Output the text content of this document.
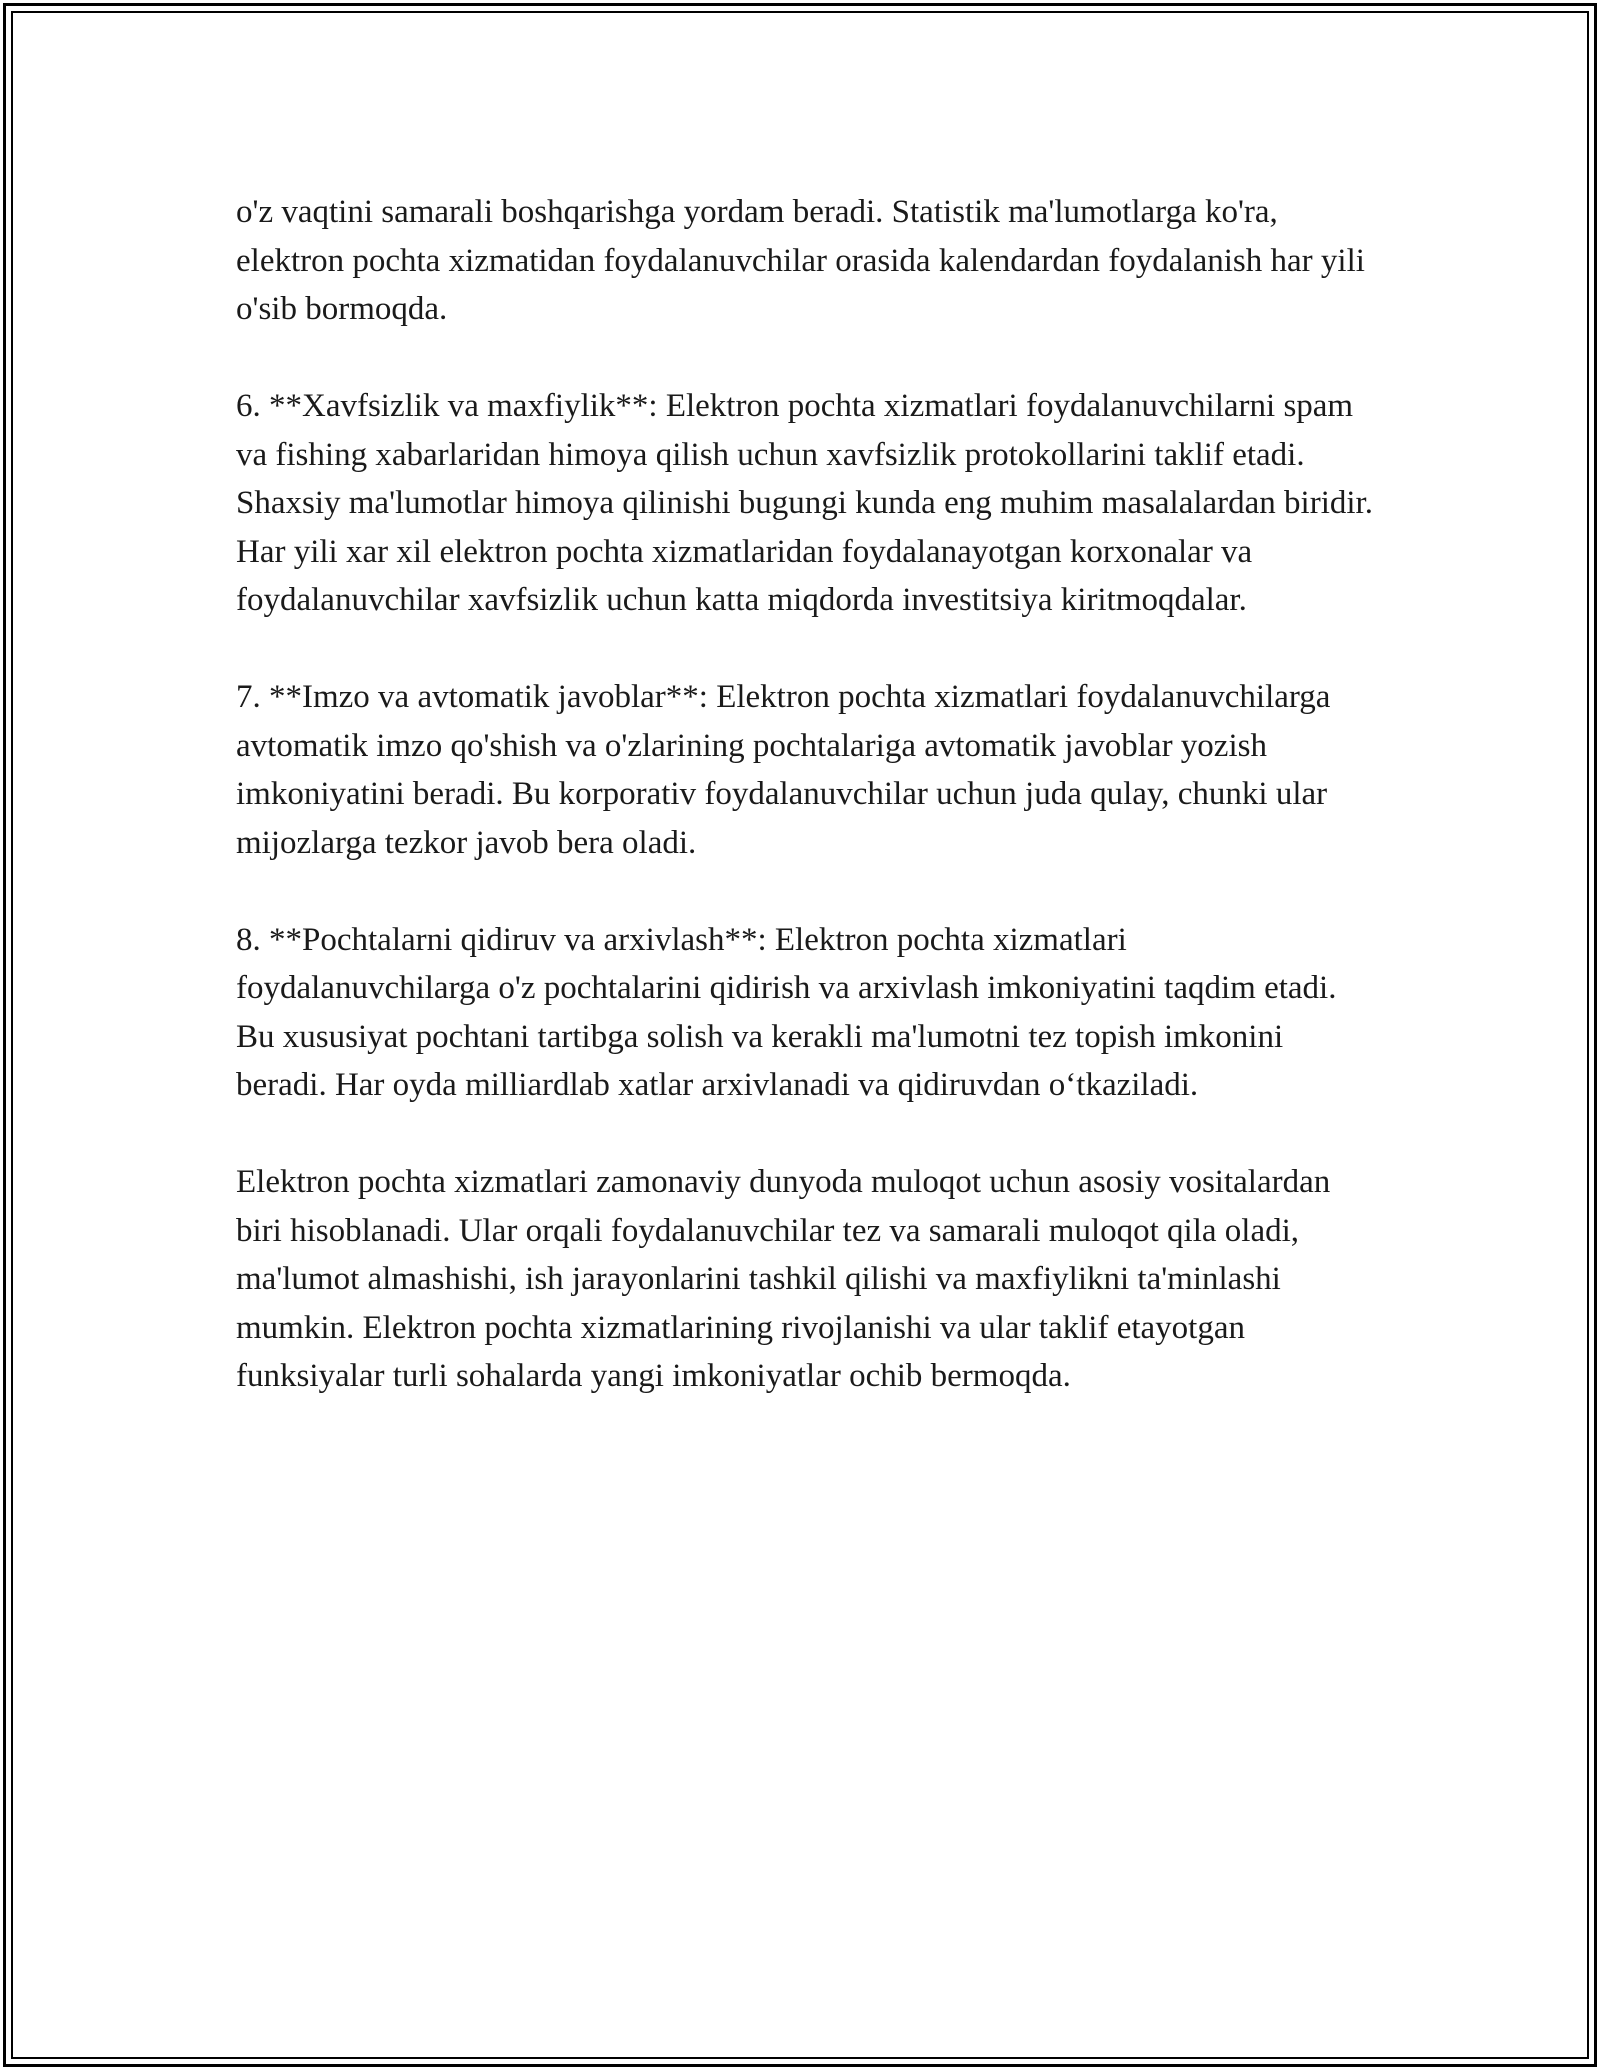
o'z vaqtini samarali boshqarishga yordam beradi. Statistik ma'lumotlarga ko'ra, elektron pochta xizmatidan foydalanuvchilar orasida kalendardan foydalanish har yili o'sib bormoqda.

6. **Xavfsizlik va maxfiylik**: Elektron pochta xizmatlari foydalanuvchilarni spam va fishing xabarlaridan himoya qilish uchun xavfsizlik protokollarini taklif etadi. Shaxsiy ma'lumotlar himoya qilinishi bugungi kunda eng muhim masalalardan biridir. Har yili xar xil elektron pochta xizmatlaridan foydalanayotgan korxonalar va foydalanuvchilar xavfsizlik uchun katta miqdorda investitsiya kiritmoqdalar.

7. **Imzo va avtomatik javoblar**: Elektron pochta xizmatlari foydalanuvchilarga avtomatik imzo qo'shish va o'zlarining pochtalariga avtomatik javoblar yozish imkoniyatini beradi. Bu korporativ foydalanuvchilar uchun juda qulay, chunki ular mijozlarga tezkor javob bera oladi.

8. **Pochtalarni qidiruv va arxivlash**: Elektron pochta xizmatlari foydalanuvchilarga o'z pochtalarini qidirish va arxivlash imkoniyatini taqdim etadi. Bu xususiyat pochtani tartibga solish va kerakli ma'lumotni tez topish imkonini beradi. Har oyda milliardlab xatlar arxivlanadi va qidiruvdan o‘tkaziladi.

Elektron pochta xizmatlari zamonaviy dunyoda muloqot uchun asosiy vositalardan biri hisoblanadi. Ular orqali foydalanuvchilar tez va samarali muloqot qila oladi, ma'lumot almashishi, ish jarayonlarini tashkil qilishi va maxfiylikni ta'minlashi mumkin. Elektron pochta xizmatlarining rivojlanishi va ular taklif etayotgan funksiyalar turli sohalarda yangi imkoniyatlar ochib bermoqda.
